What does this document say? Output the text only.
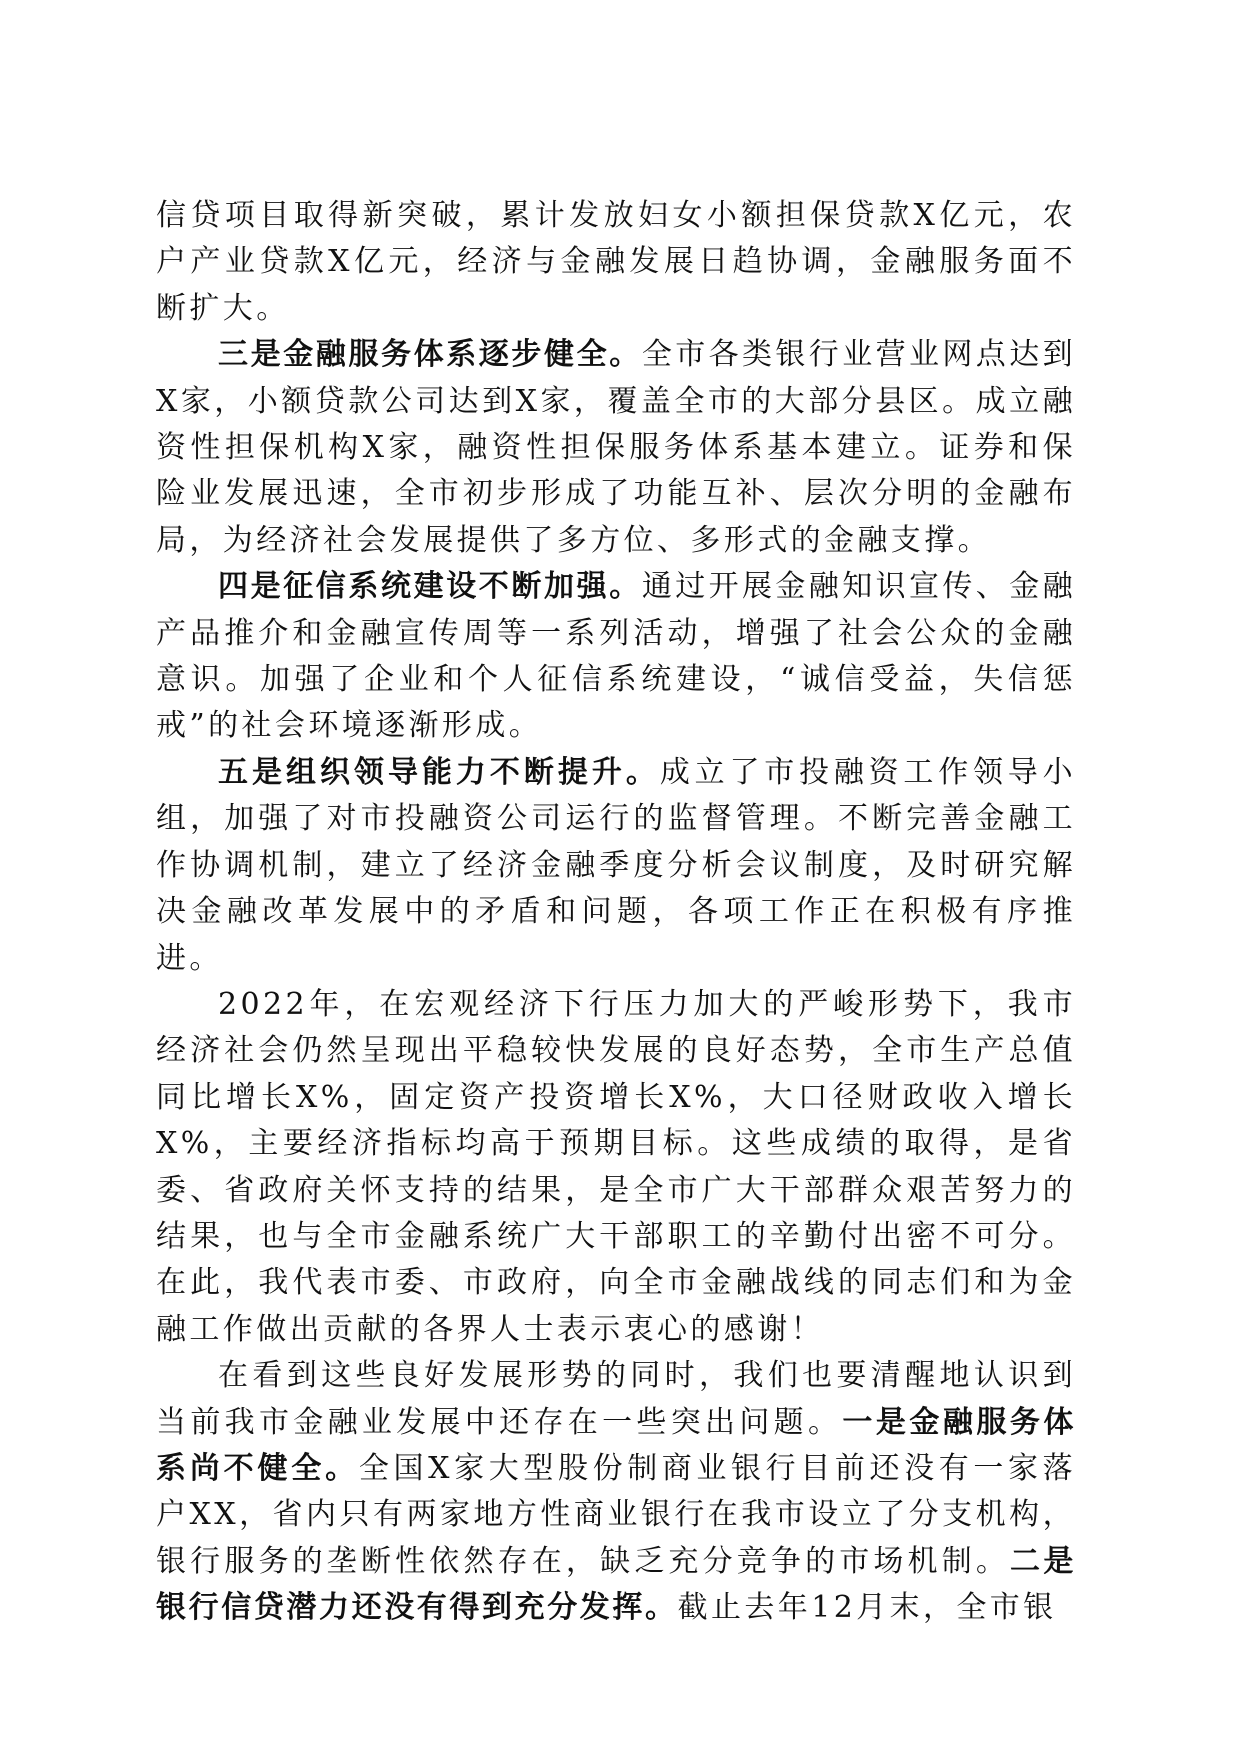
信贷项目取得新突破，累计发放妇女小额担保贷款X亿元，农户产业贷款X亿元，经济与金融发展日趋协调，金融服务面不断扩大。

三是金融服务体系逐步健全。全市各类银行业营业网点达到X家，小额贷款公司达到X家，覆盖全市的大部分县区。成立融资性担保机构X家，融资性担保服务体系基本建立。证券和保险业发展迅速，全市初步形成了功能互补、层次分明的金融布局，为经济社会发展提供了多方位、多形式的金融支撑。

四是征信系统建设不断加强。通过开展金融知识宣传、金融产品推介和金融宣传周等一系列活动，增强了社会公众的金融意识。加强了企业和个人征信系统建设，“诚信受益，失信惩戒”的社会环境逐渐形成。

五是组织领导能力不断提升。成立了市投融资工作领导小组，加强了对市投融资公司运行的监督管理。不断完善金融工作协调机制，建立了经济金融季度分析会议制度，及时研究解决金融改革发展中的矛盾和问题，各项工作正在积极有序推进。

2022年，在宏观经济下行压力加大的严峻形势下，我市经济社会仍然呈现出平稳较快发展的良好态势，全市生产总值同比增长X%，固定资产投资增长X%，大口径财政收入增长X%，主要经济指标均高于预期目标。这些成绩的取得，是省委、省政府关怀支持的结果，是全市广大干部群众艰苦努力的结果，也与全市金融系统广大干部职工的辛勤付出密不可分。在此，我代表市委、市政府，向全市金融战线的同志们和为金融工作做出贡献的各界人士表示衷心的感谢！

在看到这些良好发展形势的同时，我们也要清醒地认识到当前我市金融业发展中还存在一些突出问题。一是金融服务体系尚不健全。全国X家大型股份制商业银行目前还没有一家落户XX，省内只有两家地方性商业银行在我市设立了分支机构，银行服务的垄断性依然存在，缺乏充分竞争的市场机制。二是银行信贷潜力还没有得到充分发挥。截止去年12月末，全市银
